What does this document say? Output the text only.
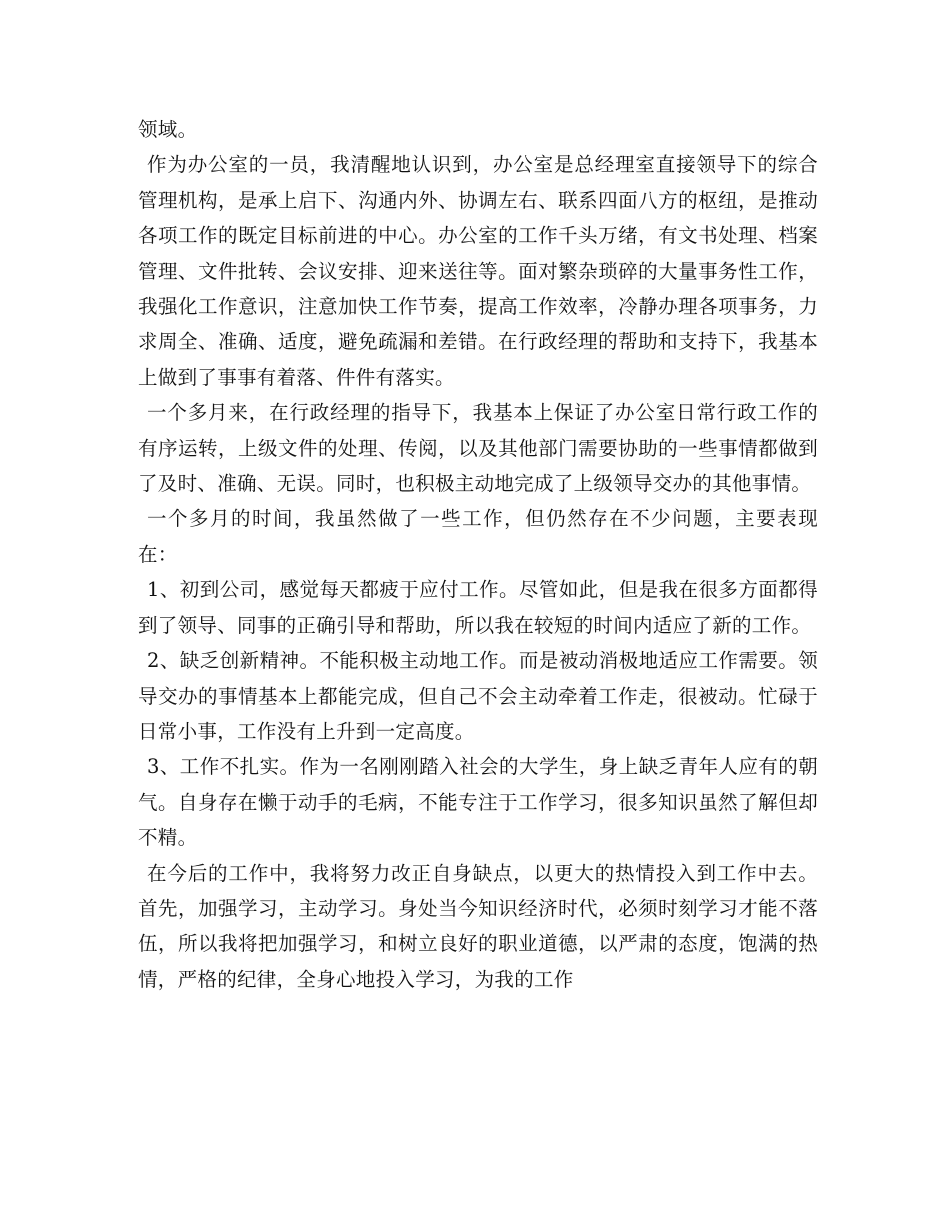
领域。

作为办公室的一员，我清醒地认识到，办公室是总经理室直接领导下的综合管理机构，是承上启下、沟通内外、协调左右、联系四面八方的枢纽，是推动各项工作的既定目标前进的中心。办公室的工作千头万绪，有文书处理、档案管理、文件批转、会议安排、迎来送往等。面对繁杂琐碎的大量事务性工作，我强化工作意识，注意加快工作节奏，提高工作效率，冷静办理各项事务，力求周全、准确、适度，避免疏漏和差错。在行政经理的帮助和支持下，我基本上做到了事事有着落、件件有落实。

一个多月来，在行政经理的指导下，我基本上保证了办公室日常行政工作的有序运转，上级文件的处理、传阅，以及其他部门需要协助的一些事情都做到了及时、准确、无误。同时，也积极主动地完成了上级领导交办的其他事情。

一个多月的时间，我虽然做了一些工作，但仍然存在不少问题，主要表现在：

1、初到公司，感觉每天都疲于应付工作。尽管如此，但是我在很多方面都得到了领导、同事的正确引导和帮助，所以我在较短的时间内适应了新的工作。

2、缺乏创新精神。不能积极主动地工作。而是被动消极地适应工作需要。领导交办的事情基本上都能完成，但自己不会主动牵着工作走，很被动。忙碌于日常小事，工作没有上升到一定高度。

3、工作不扎实。作为一名刚刚踏入社会的大学生，身上缺乏青年人应有的朝气。自身存在懒于动手的毛病，不能专注于工作学习，很多知识虽然了解但却不精。

在今后的工作中，我将努力改正自身缺点，以更大的热情投入到工作中去。首先，加强学习，主动学习。身处当今知识经济时代，必须时刻学习才能不落伍，所以我将把加强学习，和树立良好的职业道德，以严肃的态度，饱满的热情，严格的纪律，全身心地投入学习，为我的工作
